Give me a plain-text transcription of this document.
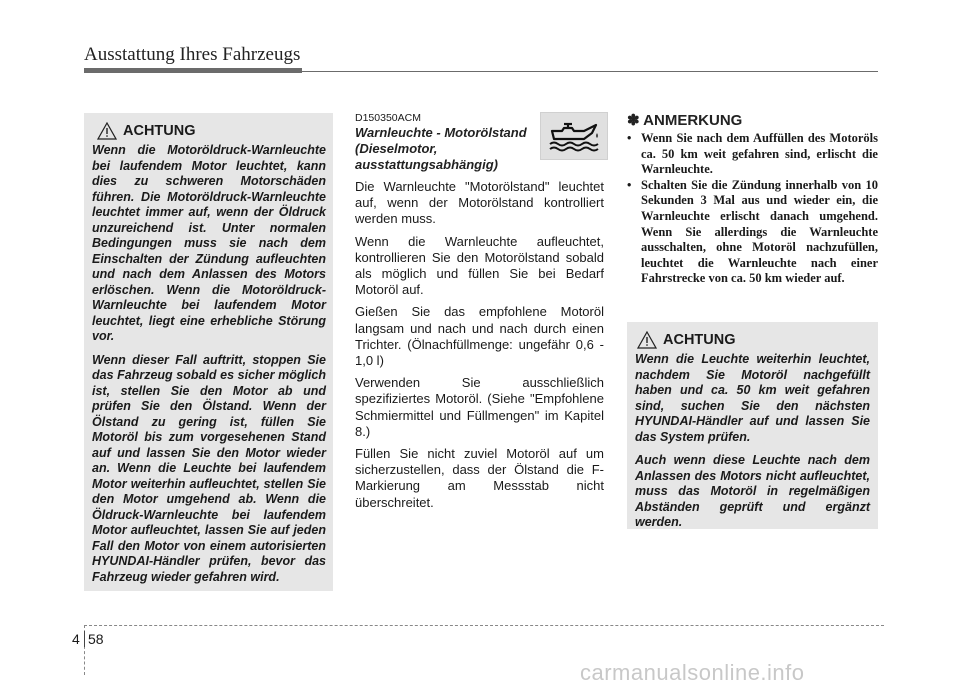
Ausstattung Ihres Fahrzeugs
ACHTUNG

Wenn die Motoröldruck-Warnleuchte bei laufendem Motor leuchtet, kann dies zu schweren Motorschäden führen. Die Motoröldruck-Warnleuchte leuchtet immer auf, wenn der Öldruck unzureichend ist. Unter normalen Bedingungen muss sie nach dem Einschalten der Zündung aufleuchten und nach dem Anlassen des Motors erlöschen. Wenn die Motoröldruck-Warnleuchte bei laufendem Motor leuchtet, liegt eine erhebliche Störung vor.

Wenn dieser Fall auftritt, stoppen Sie das Fahrzeug sobald es sicher möglich ist, stellen Sie den Motor ab und prüfen Sie den Ölstand. Wenn der Ölstand zu gering ist, füllen Sie Motoröl bis zum vorgesehenen Stand auf und lassen Sie den Motor wieder an. Wenn die Leuchte bei laufendem Motor weiterhin aufleuchtet, stellen Sie den Motor umgehend ab. Wenn die Öldruck-Warnleuchte bei laufendem Motor aufleuchtet, lassen Sie auf jeden Fall den Motor von einem autorisierten HYUNDAI-Händler prüfen, bevor das Fahrzeug wieder gefahren wird.

D150350ACM
Warnleuchte - Motorölstand (Dieselmotor, ausstattungsabhängig)

Die Warnleuchte "Motorölstand" leuchtet auf, wenn der Motorölstand kontrolliert werden muss.

Wenn die Warnleuchte aufleuchtet, kontrollieren Sie den Motorölstand sobald als möglich und füllen Sie bei Bedarf Motoröl auf.

Gießen Sie das empfohlene Motoröl langsam und nach und nach durch einen Trichter. (Ölnachfüllmenge: ungefähr 0,6 - 1,0 l)

Verwenden Sie ausschließlich spezifiziertes Motoröl. (Siehe "Empfohlene Schmiermittel und Füllmengen" im Kapitel 8.)

Füllen Sie nicht zuviel Motoröl auf um sicherzustellen, dass der Ölstand die F-Markierung am Messstab nicht überschreitet.

✽ ANMERKUNG
• Wenn Sie nach dem Auffüllen des Motoröls ca. 50 km weit gefahren sind, erlischt die Warnleuchte.
• Schalten Sie die Zündung innerhalb von 10 Sekunden 3 Mal aus und wieder ein, die Warnleuchte erlischt danach umgehend. Wenn Sie allerdings die Warnleuchte ausschalten, ohne Motoröl nachzufüllen, leuchtet die Warnleuchte nach einer Fahrstrecke von ca. 50 km wieder auf.
ACHTUNG

Wenn die Leuchte weiterhin leuchtet, nachdem Sie Motoröl nachgefüllt haben und ca. 50 km weit gefahren sind, suchen Sie den nächsten HYUNDAI-Händler auf und lassen Sie das System prüfen.

Auch wenn diese Leuchte nach dem Anlassen des Motors nicht aufleuchtet, muss das Motoröl in regelmäßigen Abständen geprüft und ergänzt werden.

4 58
carmanualsonline.info
